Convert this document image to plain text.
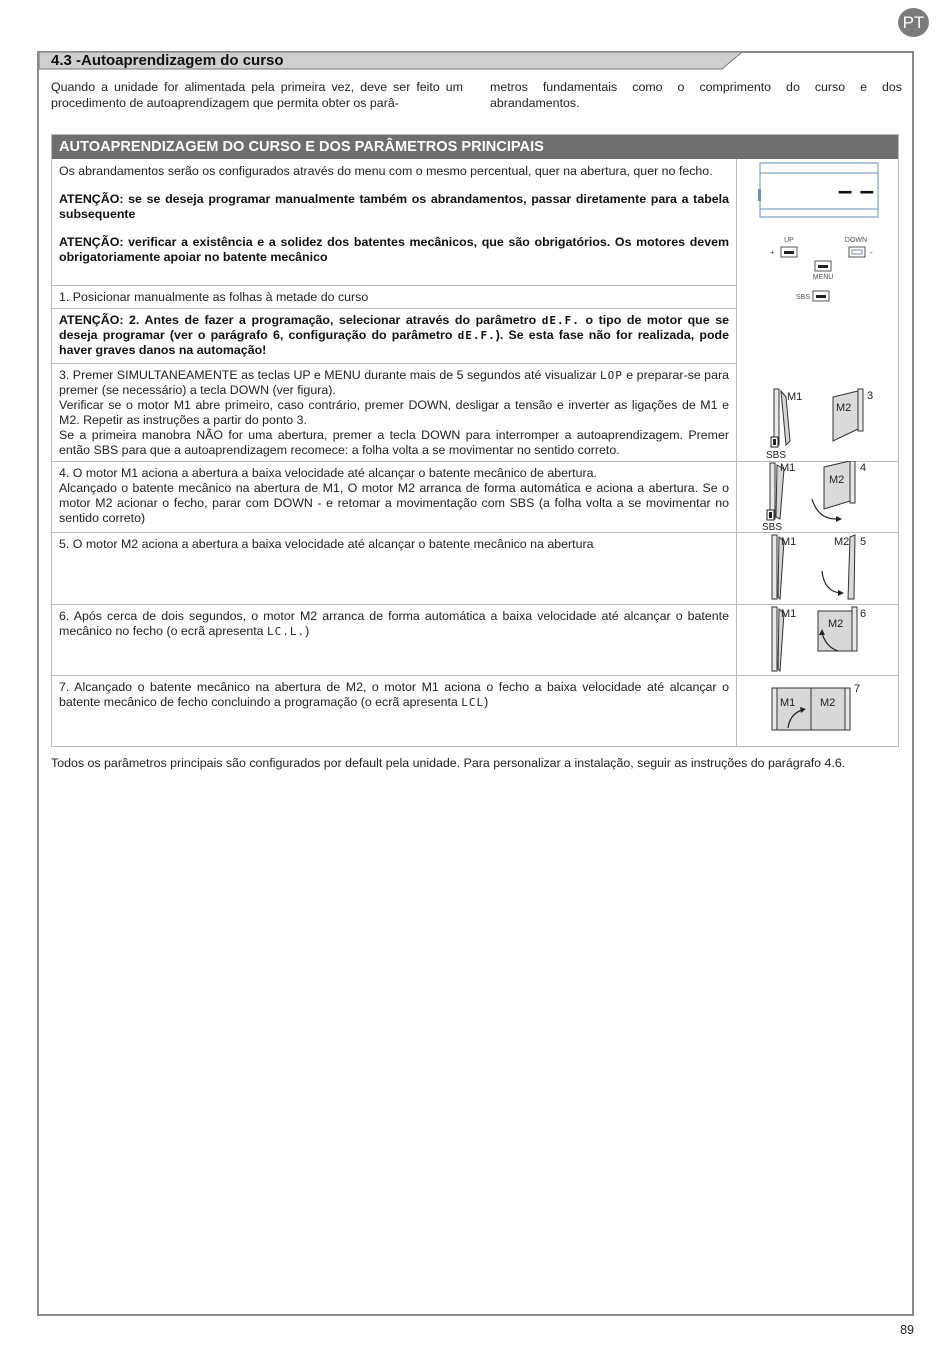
PT
4.3 -Autoaprendizagem do curso
Quando a unidade for alimentada pela primeira vez, deve ser feito um procedimento de autoaprendizagem que permita obter os parâ-
metros fundamentais como o comprimento do curso e dos abrandamentos.
AUTOAPRENDIZAGEM DO CURSO E DOS PARÂMETROS PRINCIPAIS

Os abrandamentos serão os configurados através do menu com o mesmo percentual, quer na abertura, quer no fecho.

ATENÇÃO: se se deseja programar manualmente também os abrandamentos, passar diretamente para a tabela subsequente

ATENÇÃO: verificar a existência e a solidez dos batentes mecânicos, que são obrigatórios. Os motores devem obrigatoriamente apoiar no batente mecânico

1. Posicionar manualmente as folhas à metade do curso

ATENÇÃO: 2. Antes de fazer a programação, selecionar através do parâmetro dE.F. o tipo de motor que se deseja programar (ver o parágrafo 6, configuração do parâmetro dE.F.). Se esta fase não for realizada, pode haver graves danos na automação!

3. Premer SIMULTANEAMENTE as teclas UP e MENU durante mais de 5 segundos até visualizar LOP e preparar-se para premer (se necessário) a tecla DOWN (ver figura).

Verificar se o motor M1 abre primeiro, caso contrário, premer DOWN, desligar a tensão e inverter as ligações de M1 e M2. Repetir as instruções a partir do ponto 3.

Se a primeira manobra NÃO for uma abertura, premer a tecla DOWN para interromper a autoaprendizagem. Premer então SBS para que a autoaprendizagem recomece: a folha volta a se movimentar no sentido correto.

4. O motor M1 aciona a abertura a baixa velocidade até alcançar o batente mecânico de abertura.

Alcançado o batente mecânico na abertura de M1, O motor M2 arranca de forma automática e aciona a abertura. Se o motor M2 acionar o fecho, parar com DOWN - e retomar a movimentação com SBS (a folha volta a se movimentar no sentido correto)

5. O motor M2 aciona a abertura a baixa velocidade até alcançar o batente mecânico na abertura

6. Após cerca de dois segundos, o motor M2 arranca de forma automática a baixa velocidade até alcançar o batente mecânico no fecho (o ecrã apresenta LC.L.)

7. Alcançado o batente mecânico na abertura de M2, o motor M1 aciona o fecho a baixa velocidade até alcançar o batente mecânico de fecho concluindo a programação (o ecrã apresenta LCL)

– –
UP	DOWN
+	-
MENU
SBS
M1
M2
3
SBS
M1
M2
4
SBS
M1	M2 5
M1
M2
6
M1 M2
7
Todos os parâmetros principais são configurados por default pela unidade. Para personalizar a instalação, seguir as instruções do parágrafo 4.6.
89
